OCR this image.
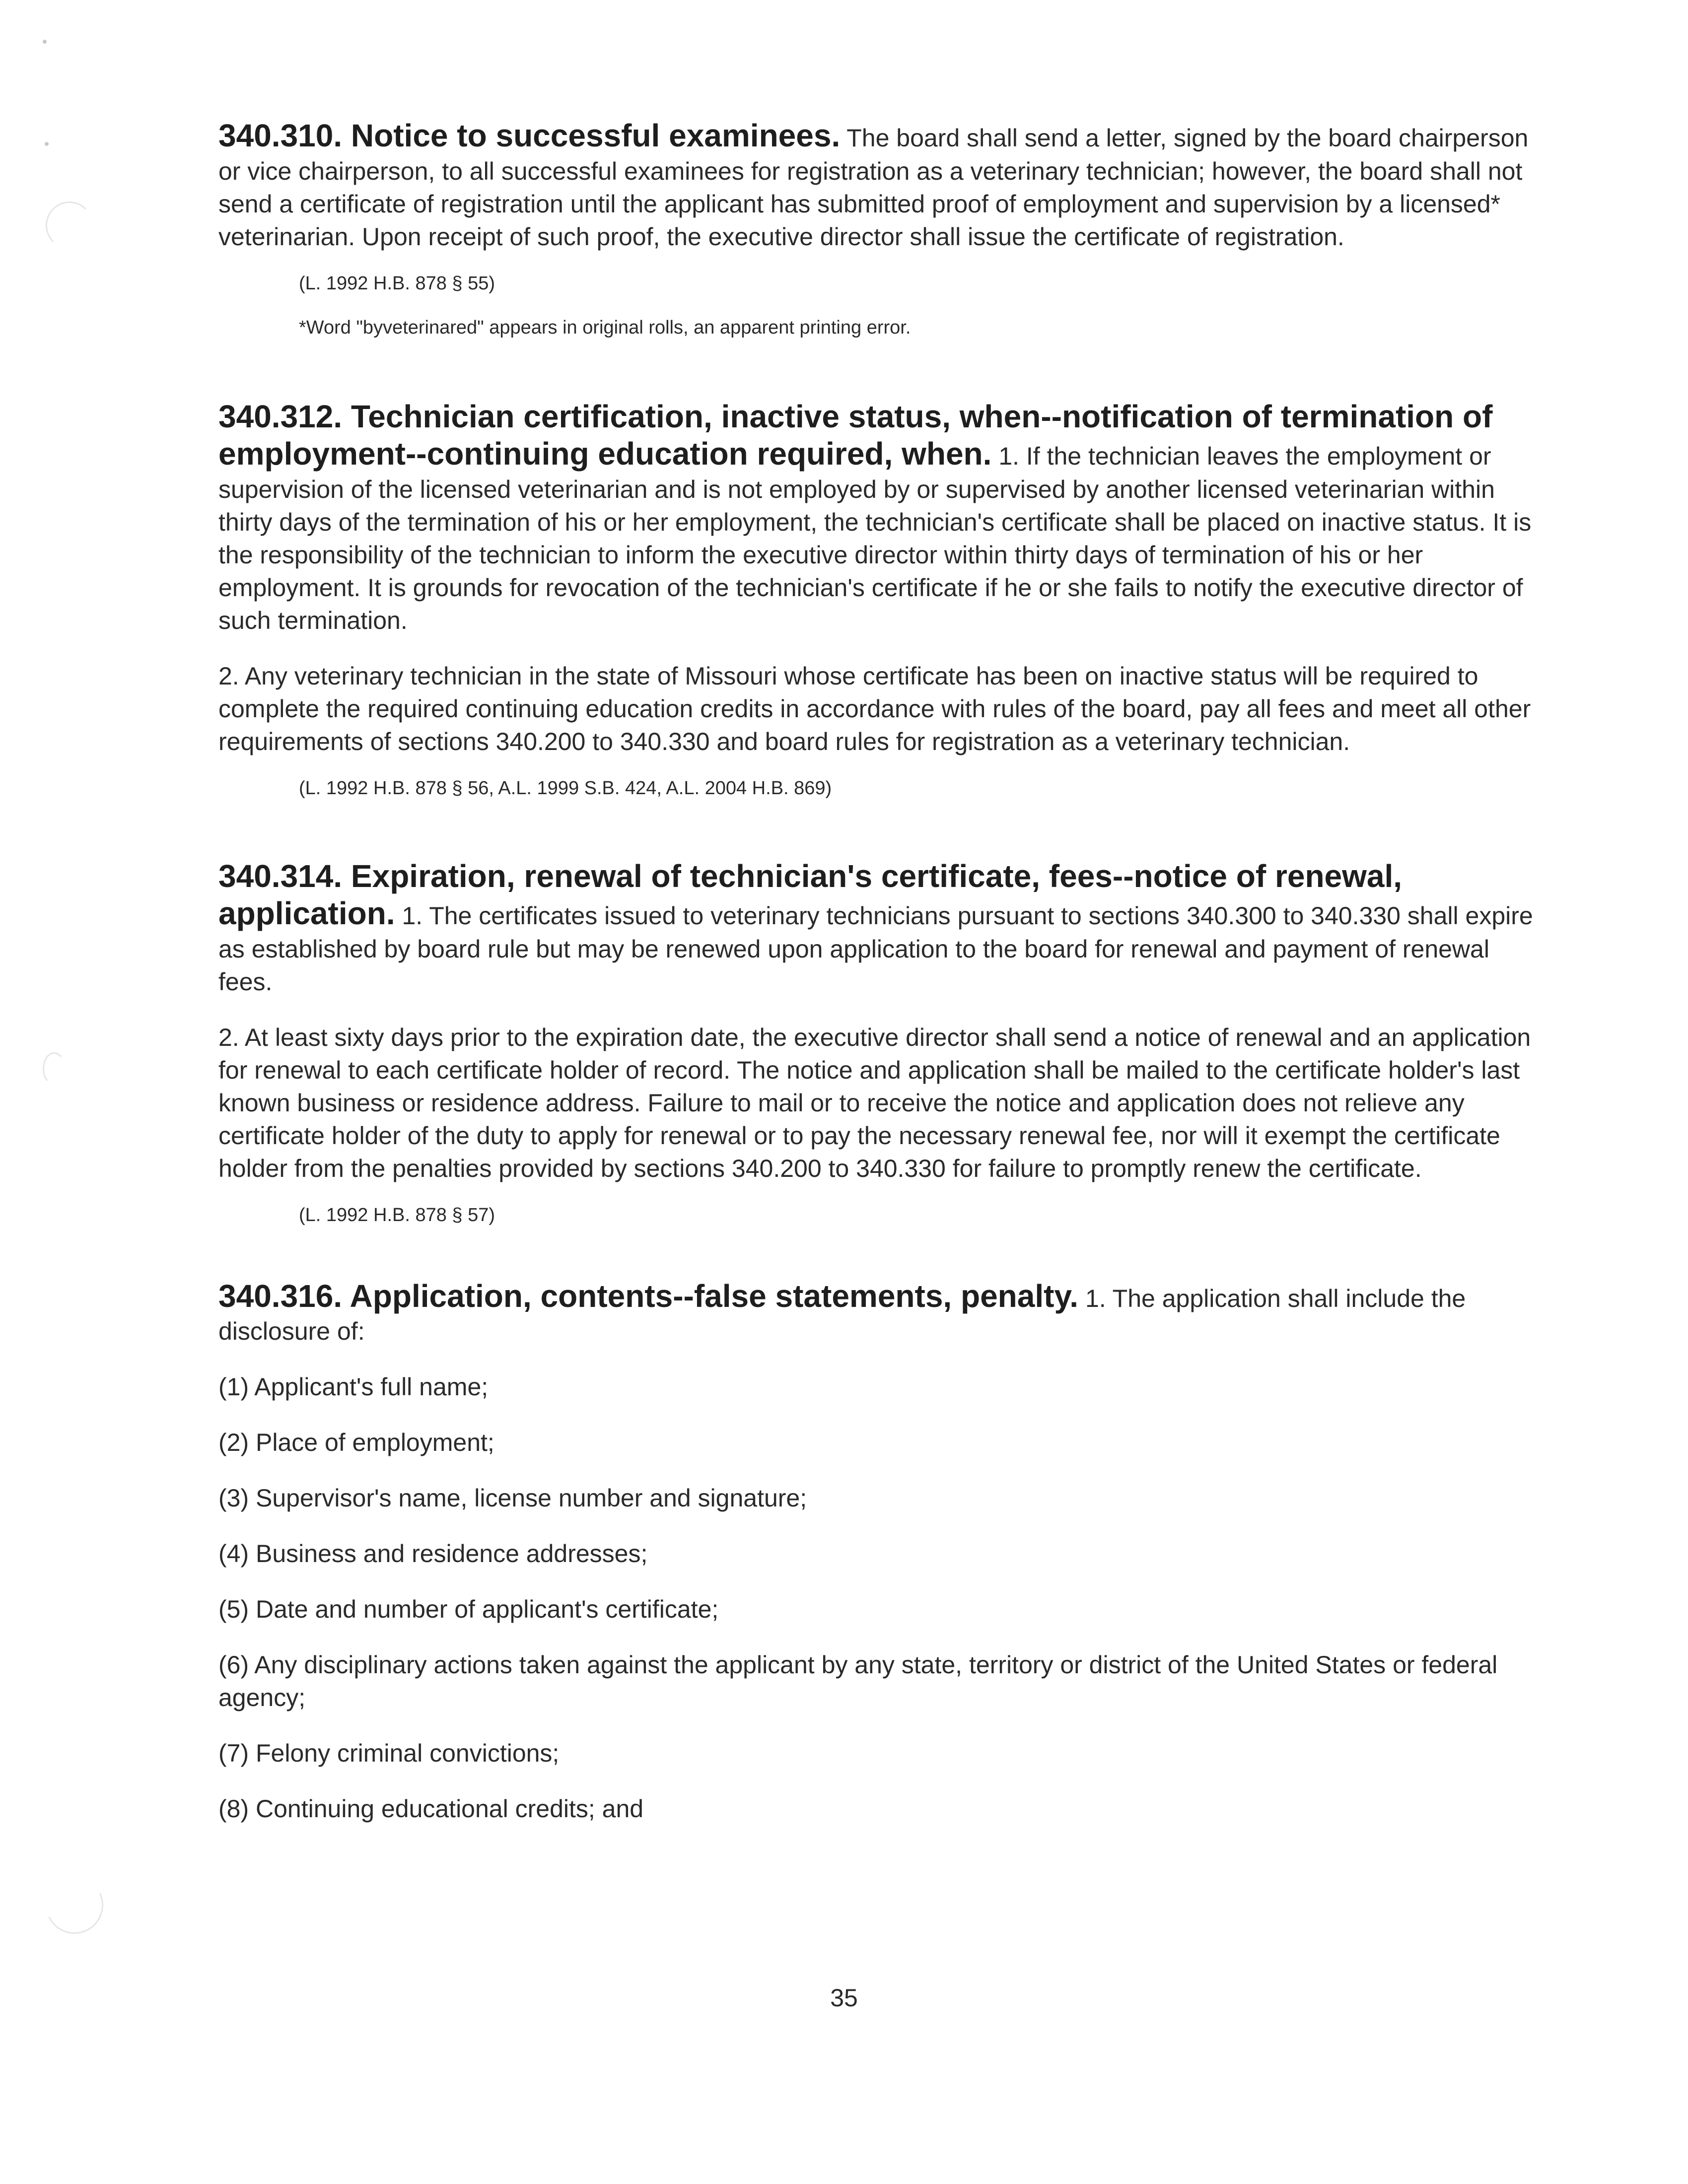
340.310. Notice to successful examinees. The board shall send a letter, signed by the board chairperson or vice chairperson, to all successful examinees for registration as a veterinary technician; however, the board shall not send a certificate of registration until the applicant has submitted proof of employment and supervision by a licensed* veterinarian. Upon receipt of such proof, the executive director shall issue the certificate of registration.

(L. 1992 H.B. 878 § 55)

*Word "byveterinared" appears in original rolls, an apparent printing error.

340.312. Technician certification, inactive status, when--notification of termination of employment--continuing education required, when. 1. If the technician leaves the employment or supervision of the licensed veterinarian and is not employed by or supervised by another licensed veterinarian within thirty days of the termination of his or her employment, the technician's certificate shall be placed on inactive status. It is the responsibility of the technician to inform the executive director within thirty days of termination of his or her employment. It is grounds for revocation of the technician's certificate if he or she fails to notify the executive director of such termination.

2. Any veterinary technician in the state of Missouri whose certificate has been on inactive status will be required to complete the required continuing education credits in accordance with rules of the board, pay all fees and meet all other requirements of sections 340.200 to 340.330 and board rules for registration as a veterinary technician.

(L. 1992 H.B. 878 § 56, A.L. 1999 S.B. 424, A.L. 2004 H.B. 869)

340.314. Expiration, renewal of technician's certificate, fees--notice of renewal, application. 1. The certificates issued to veterinary technicians pursuant to sections 340.300 to 340.330 shall expire as established by board rule but may be renewed upon application to the board for renewal and payment of renewal fees.

2. At least sixty days prior to the expiration date, the executive director shall send a notice of renewal and an application for renewal to each certificate holder of record. The notice and application shall be mailed to the certificate holder's last known business or residence address. Failure to mail or to receive the notice and application does not relieve any certificate holder of the duty to apply for renewal or to pay the necessary renewal fee, nor will it exempt the certificate holder from the penalties provided by sections 340.200 to 340.330 for failure to promptly renew the certificate.

(L. 1992 H.B. 878 § 57)

340.316. Application, contents--false statements, penalty. 1. The application shall include the disclosure of:

(1) Applicant's full name;

(2) Place of employment;

(3) Supervisor's name, license number and signature;

(4) Business and residence addresses;

(5) Date and number of applicant's certificate;

(6) Any disciplinary actions taken against the applicant by any state, territory or district of the United States or federal agency;

(7) Felony criminal convictions;

(8) Continuing educational credits; and

35
